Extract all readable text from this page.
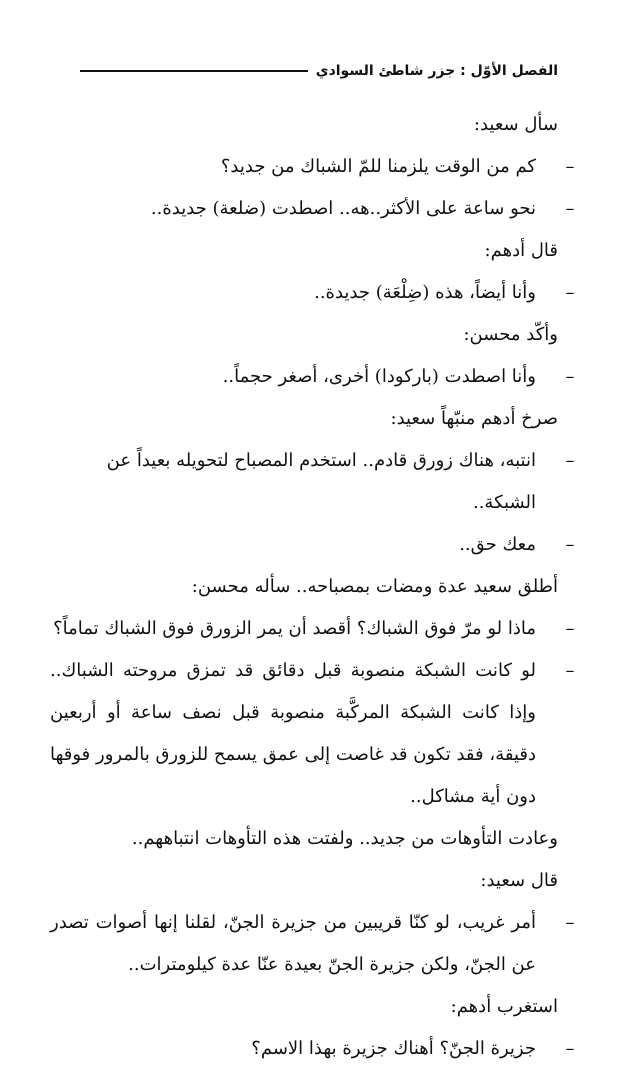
الفصل الأوّل : جزر شاطئ السوادي

سأل سعيد:

–
كم من الوقت يلزمنا للمّ الشباك من جديد؟

–
نحو ساعة على الأكثر..هه.. اصطدت (ضلعة) جديدة..

قال أدهم:

–
وأنا أيضاً، هذه (ضِلْعَة) جديدة..

وأكّد محسن:

–
وأنا اصطدت (باركودا) أخرى، أصغر حجماً..

صرخ أدهم منبّهاً سعيد:

–
انتبه، هناك زورق قادم.. استخدم المصباح لتحويله بعيداً عن الشبكة..

–
معك حق..

أطلق سعيد عدة ومضات بمصباحه.. سأله محسن:

–
ماذا لو مرّ فوق الشباك؟ أقصد أن يمر الزورق فوق الشباك تماماً؟

–
لو كانت الشبكة منصوبة قبل دقائق قد تمزق مروحته الشباك.. وإذا كانت الشبكة المركَّبة منصوبة قبل نصف ساعة أو أربعين دقيقة، فقد تكون قد غاصت إلى عمق يسمح للزورق بالمرور فوقها دون أية مشاكل..

وعادت التأوهات من جديد.. ولفتت هذه التأوهات انتباههم..

قال سعيد:

–
أمر غريب، لو كنّا قريبين من جزيرة الجنّ، لقلنا إنها أصوات تصدر عن الجنّ، ولكن جزيرة الجنّ بعيدة عنّا عدة كيلومترات..

استغرب أدهم:

–
جزيرة الجنّ؟ أهناك جزيرة بهذا الاسم؟
